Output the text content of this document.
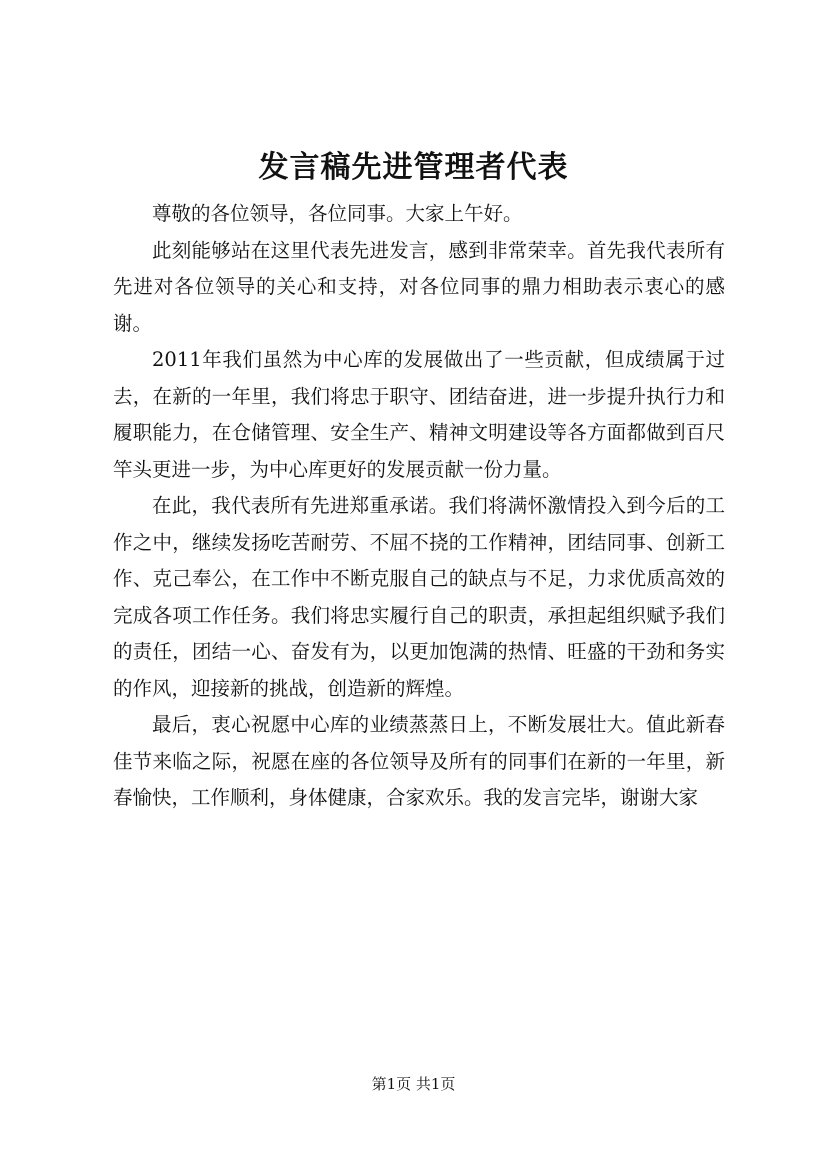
发言稿先进管理者代表

尊敬的各位领导，各位同事。大家上午好。

此刻能够站在这里代表先进发言，感到非常荣幸。首先我代表所有先进对各位领导的关心和支持，对各位同事的鼎力相助表示衷心的感谢。

2011年我们虽然为中心库的发展做出了一些贡献，但成绩属于过去，在新的一年里，我们将忠于职守、团结奋进，进一步提升执行力和履职能力，在仓储管理、安全生产、精神文明建设等各方面都做到百尺竿头更进一步，为中心库更好的发展贡献一份力量。

在此，我代表所有先进郑重承诺。我们将满怀激情投入到今后的工作之中，继续发扬吃苦耐劳、不屈不挠的工作精神，团结同事、创新工作、克己奉公，在工作中不断克服自己的缺点与不足，力求优质高效的完成各项工作任务。我们将忠实履行自己的职责，承担起组织赋予我们的责任，团结一心、奋发有为，以更加饱满的热情、旺盛的干劲和务实的作风，迎接新的挑战，创造新的辉煌。

最后，衷心祝愿中心库的业绩蒸蒸日上，不断发展壮大。值此新春佳节来临之际，祝愿在座的各位领导及所有的同事们在新的一年里，新春愉快，工作顺利，身体健康，合家欢乐。我的发言完毕，谢谢大家

第1页 共1页
